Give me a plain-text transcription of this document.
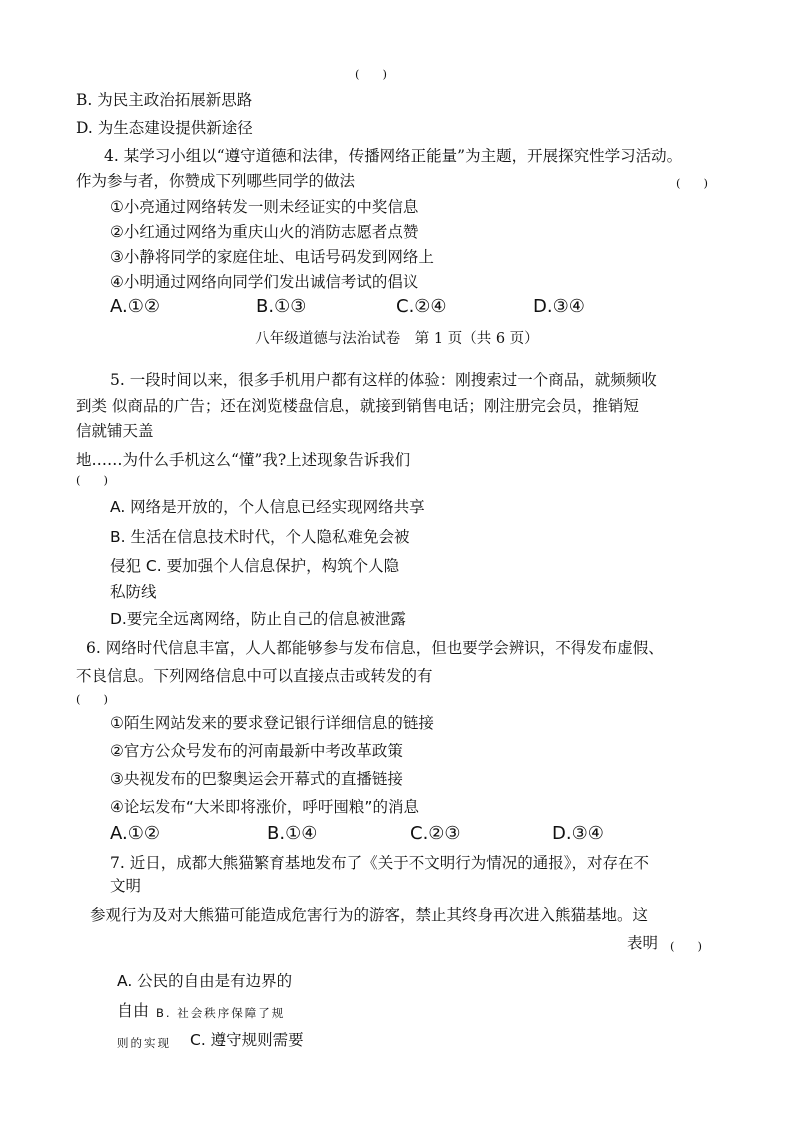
(　　)
B. 为民主政治拓展新思路
D. 为生态建设提供新途径
4. 某学习小组以“遵守道德和法律，传播网络正能量”为主题，开展探究性学习活动。
作为参与者，你赞成下列哪些同学的做法	(　　)
①小亮通过网络转发一则未经证实的中奖信息
②小红通过网络为重庆山火的消防志愿者点赞
③小静将同学的家庭住址、电话号码发到网络上
④小明通过网络向同学们发出诚信考试的倡议
A.①②	B.①③	C.②④	D.③④
八年级道德与法治试卷　第 1 页（共 6 页）
5. 一段时间以来，很多手机用户都有这样的体验：刚搜索过一个商品，就频频收
到类 似商品的广告；还在浏览楼盘信息，就接到销售电话；刚注册完会员，推销短
信就铺天盖
地……为什么手机这么“懂”我?上述现象告诉我们
(　　)
A. 网络是开放的，个人信息已经实现网络共享
B. 生活在信息技术时代，个人隐私难免会被
侵犯 C. 要加强个人信息保护，构筑个人隐
私防线
D.要完全远离网络，防止自己的信息被泄露
6. 网络时代信息丰富，人人都能够参与发布信息，但也要学会辨识，不得发布虚假、
不良信息。下列网络信息中可以直接点击或转发的有
(　　)
①陌生网站发来的要求登记银行详细信息的链接
②官方公众号发布的河南最新中考改革政策
③央视发布的巴黎奥运会开幕式的直播链接
④论坛发布“大米即将涨价，呼吁囤粮”的消息
A.①②	B.①④	C.②③	D.③④
7. 近日，成都大熊猫繁育基地发布了《关于不文明行为情况的通报》，对存在不
文明
参观行为及对大熊猫可能造成危害行为的游客，禁止其终身再次进入熊猫基地。这
表明 (　　)
A. 公民的自由是有边界的
自由 B. 社会秩序保障了规
则的实现 C. 遵守规则需要
